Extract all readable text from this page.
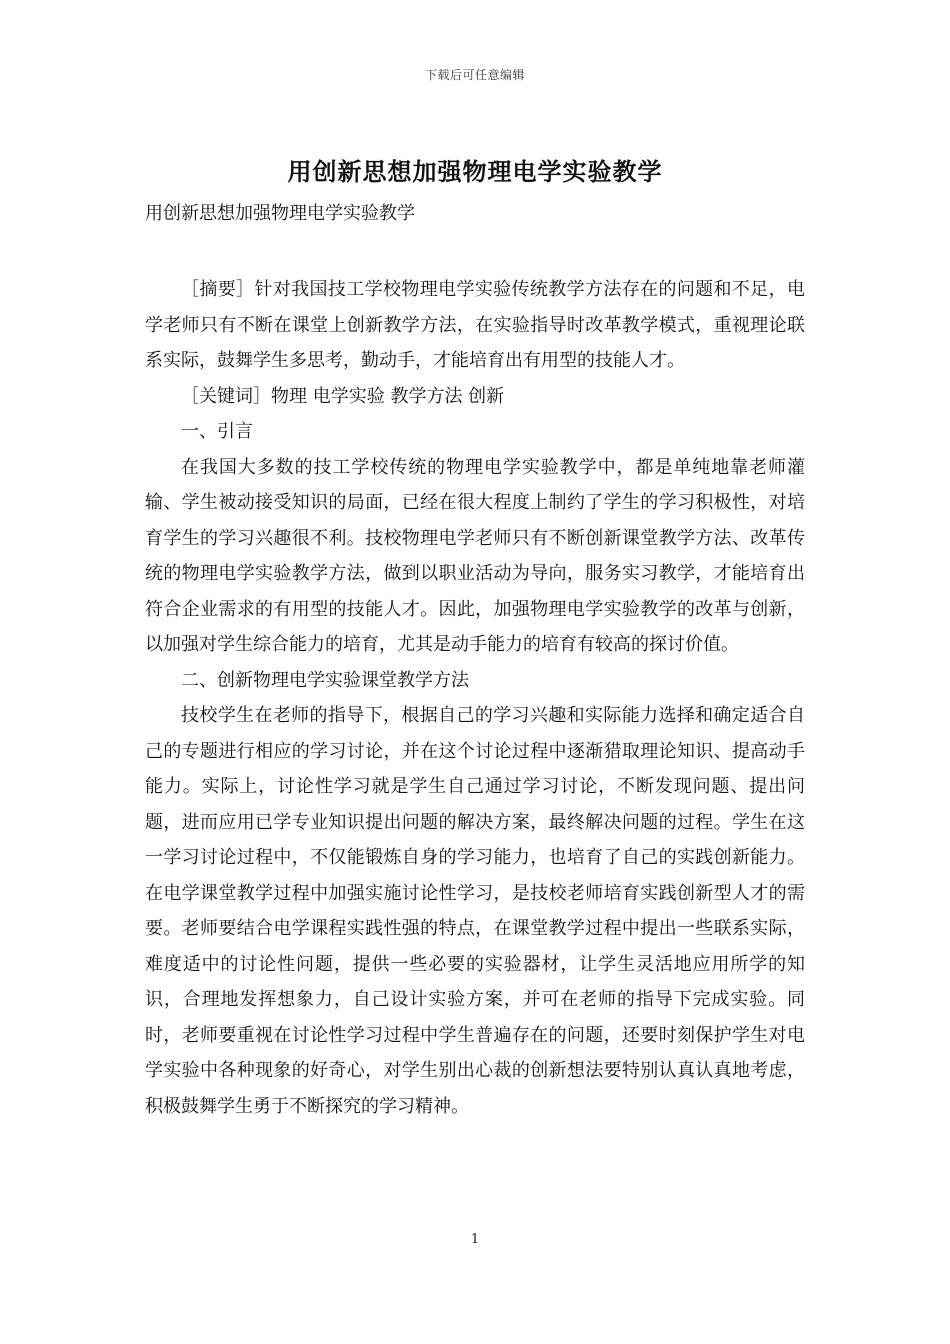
下载后可任意编辑
用创新思想加强物理电学实验教学

用创新思想加强物理电学实验教学

［摘要］针对我国技工学校物理电学实验传统教学方法存在的问题和不足，电学老师只有不断在课堂上创新教学方法，在实验指导时改革教学模式，重视理论联系实际，鼓舞学生多思考，勤动手，才能培育出有用型的技能人才。

［关键词］物理 电学实验 教学方法 创新

一、引言

在我国大多数的技工学校传统的物理电学实验教学中，都是单纯地靠老师灌输、学生被动接受知识的局面，已经在很大程度上制约了学生的学习积极性，对培育学生的学习兴趣很不利。技校物理电学老师只有不断创新课堂教学方法、改革传统的物理电学实验教学方法，做到以职业活动为导向，服务实习教学，才能培育出符合企业需求的有用型的技能人才。因此，加强物理电学实验教学的改革与创新，以加强对学生综合能力的培育，尤其是动手能力的培育有较高的探讨价值。

二、创新物理电学实验课堂教学方法

技校学生在老师的指导下，根据自己的学习兴趣和实际能力选择和确定适合自己的专题进行相应的学习讨论，并在这个讨论过程中逐渐猎取理论知识、提高动手能力。实际上，讨论性学习就是学生自己通过学习讨论，不断发现问题、提出问题，进而应用已学专业知识提出问题的解决方案，最终解决问题的过程。学生在这一学习讨论过程中，不仅能锻炼自身的学习能力，也培育了自己的实践创新能力。在电学课堂教学过程中加强实施讨论性学习，是技校老师培育实践创新型人才的需要。老师要结合电学课程实践性强的特点，在课堂教学过程中提出一些联系实际，难度适中的讨论性问题，提供一些必要的实验器材，让学生灵活地应用所学的知识，合理地发挥想象力，自己设计实验方案，并可在老师的指导下完成实验。同时，老师要重视在讨论性学习过程中学生普遍存在的问题，还要时刻保护学生对电学实验中各种现象的好奇心，对学生别出心裁的创新想法要特别认真认真地考虑，积极鼓舞学生勇于不断探究的学习精神。

1
